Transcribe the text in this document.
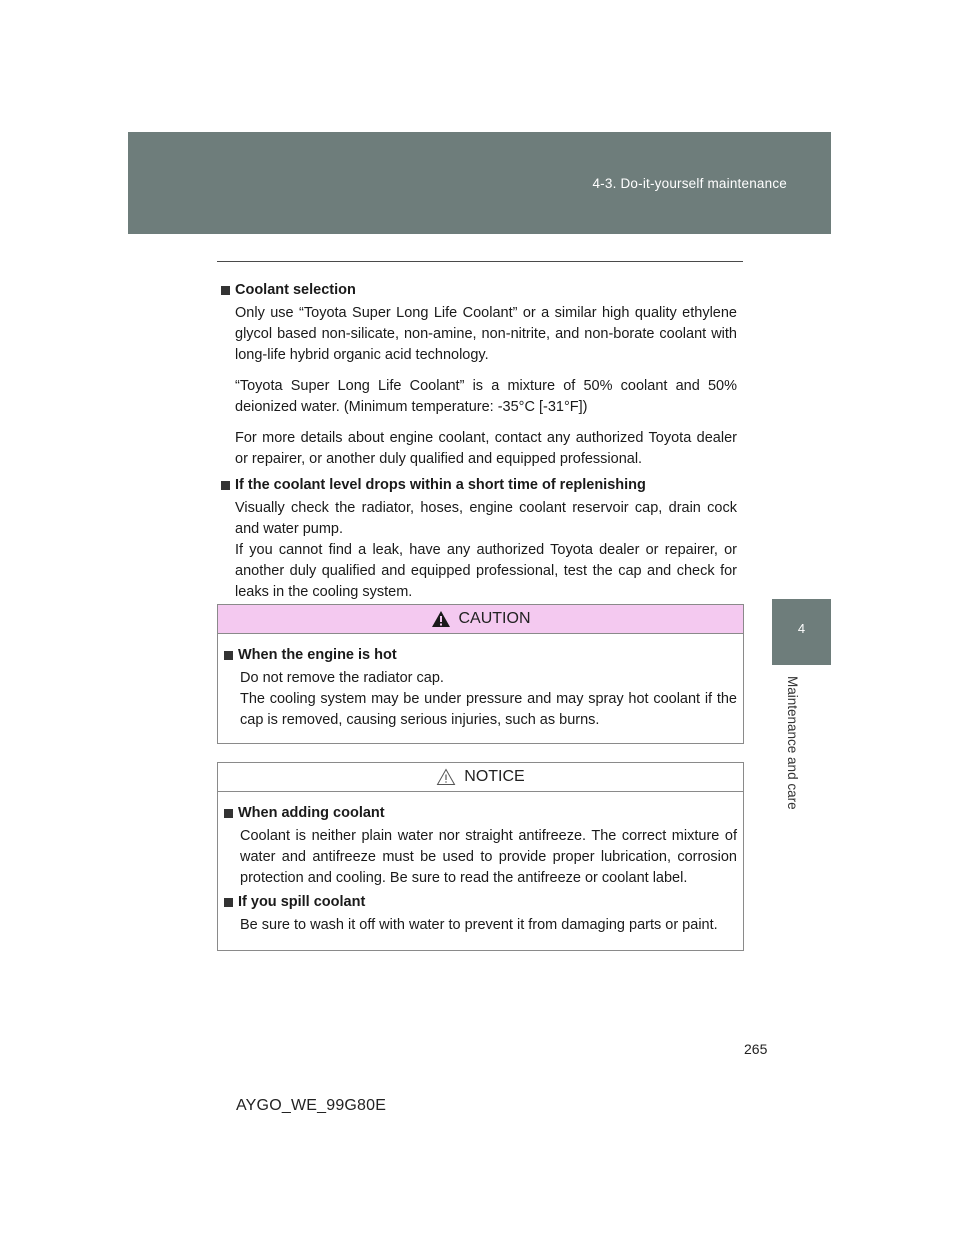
4-3. Do-it-yourself maintenance
4
Maintenance and care
Coolant selection

Only use “Toyota Super Long Life Coolant” or a similar high quality ethylene glycol based non-silicate, non-amine, non-nitrite, and non-borate coolant with long-life hybrid organic acid technology.

“Toyota Super Long Life Coolant” is a mixture of 50% coolant and 50% deionized water. (Minimum temperature: -35°C [-31°F])

For more details about engine coolant, contact any authorized Toyota dealer or repairer, or another duly qualified and equipped professional.

If the coolant level drops within a short time of replenishing

Visually check the radiator, hoses, engine coolant reservoir cap, drain cock and water pump.

If you cannot find a leak, have any authorized Toyota dealer or repairer, or another duly qualified and equipped professional, test the cap and check for leaks in the cooling system.

CAUTION
When the engine is hot

Do not remove the radiator cap.

The cooling system may be under pressure and may spray hot coolant if the cap is removed, causing serious injuries, such as burns.

NOTICE
When adding coolant

Coolant is neither plain water nor straight antifreeze. The correct mixture of water and antifreeze must be used to provide proper lubrication, corrosion protection and cooling. Be sure to read the antifreeze or coolant label.

If you spill coolant

Be sure to wash it off with water to prevent it from damaging parts or paint.

265
AYGO_WE_99G80E
